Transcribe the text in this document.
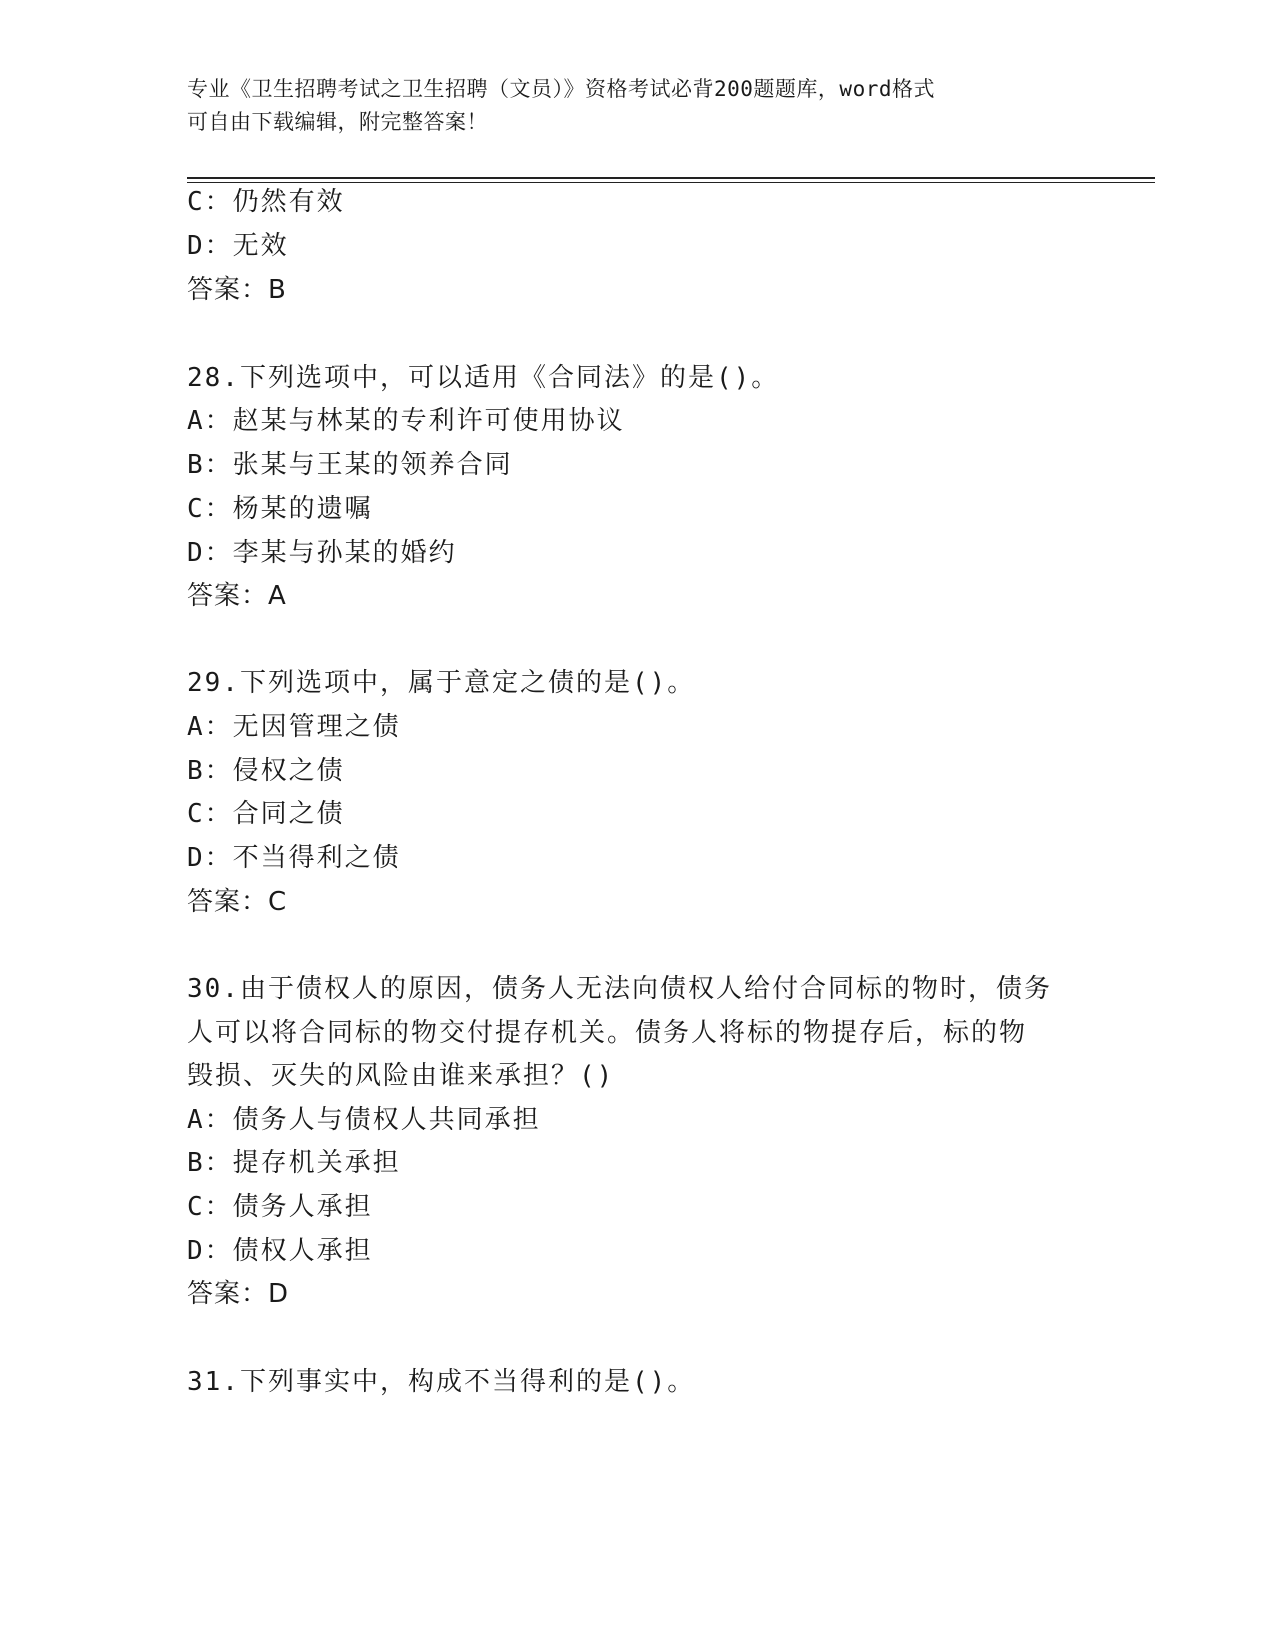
专业《卫生招聘考试之卫生招聘（文员）》资格考试必背200题题库，word格式
可自由下载编辑，附完整答案！
C：仍然有效
D：无效
答案：B
28.下列选项中，可以适用《合同法》的是()。
A：赵某与林某的专利许可使用协议
B：张某与王某的领养合同
C：杨某的遗嘱
D：李某与孙某的婚约
答案：A
29.下列选项中，属于意定之债的是()。
A：无因管理之债
B：侵权之债
C：合同之债
D：不当得利之债
答案：C
30.由于债权人的原因，债务人无法向债权人给付合同标的物时，债务
人可以将合同标的物交付提存机关。债务人将标的物提存后，标的物
毁损、灭失的风险由谁来承担？()
A：债务人与债权人共同承担
B：提存机关承担
C：债务人承担
D：债权人承担
答案：D
31.下列事实中，构成不当得利的是()。
